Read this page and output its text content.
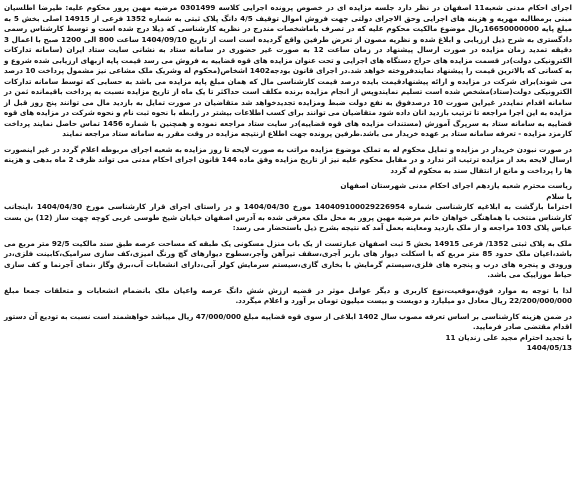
اجرای احکام مدنی شعبه11 اصفهان در نظر دارد جلسه مزایده ای در خصوص پرونده اجرایی کلاسه 0301499 مرضیه مهین پرور محکوم علیه: طیرضا اطلسیان مبنی برمطالبه مهریه و هزینه های اجرایی وحق الاجرای دولتی جهت فروش اموال توقیف 4/5 دانگ پلاک ثبتی به شماره 1352 فرعی از 14915 اصلی بخش 5 به مبلغ پایه 16650000000ریال موضوع مالکیت محکوم علیه که در تصرف باماشخصات مندرج در نظریه کارشناسی که ذیلا درج شده است و توسط کارشناس رسمی دادگستری به شرح ذیل ارزیابی و ابلاغ شده و نظریه مصون از تعرض طرفین واقع گردیده است است از تاریخ 1404/09/10 ساعت 800 الی 1200 صبح با اعمال 3 دقیقه تمدید زمان مزایده در صورت ارسال پیشنهاد در زمان ساعت 12 به صورت غیر حضوری در سامانه ستاد به نشانی سایت ستاد ایران (سامانه تدارکات الکترونیکی دولت)در قسمت مزایده های حراج دستگاه های اجرایی و تحت عنوان مزایده های قوه قضاییه به فروش می رسد قیمت پایه ازبهای ارزیابی شده شروع و به کسانی که بالاترین قیمت را پیشنهاد نمایندفروخته خواهد شد.در اجرای قانون بودجه1402 اشخاص(محکوم له وشریک ملک مشاعی نیز مشمول پرداخت 10 درصد می شوند)برای شرکت در مزایده و ارائه پیشنهادقیمت بایده درصد قیمت کارشناسی مال که همان مبلغ پایه مزایده می باشد به حسابی که توسط سامانه تدارکات الکترونیکی دولت(ستاد)مشخص شده است تسلیم نمایندوپس از انجام مزایده برنده مکلف است حداکثر تا یک ماه از تاریخ مزایده نسبت به پرداخت باقیمانده ثمن در سامانه اقدام نمایددر غیراین صورت 10 درصدفوق به نفع دولت ضبط ومزایده تجدیدخواهد شد متقاضیان در صورت تمایل به بازدید مال می توانند پنج روز قبل از مزایده به این اجرا مراجعه تا ترتیب بازدید انان داده شود متقاضیان می توانند برای کسب اطلاعات بیشتر در رابطه با نحوه ثبت نام و نحوه شرکت در مزایده های قوه قضاییه به سامانه ستاد به سرپرگ آموزش (مستندات مزایده های قوه قضاییه)در سایت ستاد مراجعه نموده و همچنین با شماره 1456 تماس حاصل نمایند پرداخت کارمزد مزایده - تعرفه سامانه ستاد بر عهده خریدار می باشد.طرفین پرونده جهت اطلاع ازنتیجه مزایده در وقت مقرر به سامانه ستاد مراجعه نمایند

در صورت نبودن خریدار در مزایده و تمایل محکوم له به تملک موضوع مزایده مراتب به صورت لایحه تا روز مزایده به شعبه اجرای مربوطه اعلام گردد در غیر اینصورت ارسال لایحه بعد از مزایده ترتیب اثر ندارد و در مقابل محکوم علیه نیز از تاریخ مزایده وفق ماده 144 قانون اجرای احکام مدنی می تواند ظرف 2 ماه بدهی و هزینه ها را پرداخت و مانع از انتقال سند به محکوم له گردد

ریاست محترم شعبه یازدهم اجرای احکام مدنی شهرستان اصفهان

با سلام

احتراما بازگشت به ابلاغیه کارشناسی شماره 140409100029226954 مورخ 1404/04/30 و در راستای اجرای قرار کارشناسی مورخ 1404/04/30 ،اینجانب کارشناس منتخب با هماهنگی خواهان خانم مرضیه مهین پرور به محل ملک معرفی شده به آدرس اصفهان خیابان شیخ طوسی غربی کوچه چهت ساز (12) بن بست عباس پلاک 103 مراجعه و از ملک بازدید ومعاینه بعمل آمد که نتیجه بشرح ذیل باستحضار می رسد:

ملک به پلاک ثبتی 1352/ فرعی 14915 بخش 5 ثبت اصفهان عبارتست از یک باب منزل مسکونی یک طبقه که مساحت عرصه طبق سند مالکیت 92/5 متر مربع می باشد،اعیان ملک حدود 85 متر مربع که با اسکلت دیوار های باربر آجری،سقف تیرآهن وآجر،سطوح دیوارهای گچ ورنگ امیزی،کف سازی سرامیک،کابینت فلزی،در ورودی و پنجره های درب و پنجره های فلزی،سیستم گرمایش با بخاری گازی،سیستم سرمایش کولر آبی،دارای انشعابات آب،برق وگاز ،نمای آجرنما و کف سازی حیاط موزاییک می باشد.

لذا با توجه به موارد فوق،موقعیت،نوع کاربری و دیگر عوامل موثر در قضیه ارزش شش دانگ عرصه واعیان ملک بانضمام انشعابات و متعلقات جمعا مبلغ 22/200/000/000 ریال معادل دو میلیارد و دویست و بیست میلیون تومان بر آورد و اعلام میگردد.

در ضمن هزینه کارشناسی بر اساس تعرفه مصوب سال 1402 ابلاغی از سوی قوه قضاییه مبلغ 47/000/000 ریال میباشد خواهشمند است نسبت به تودیع آن دستور اقدام مقتضی صادر فرمایید.

با تجدید احترام مجید علی زندیان 11

1404/05/13
